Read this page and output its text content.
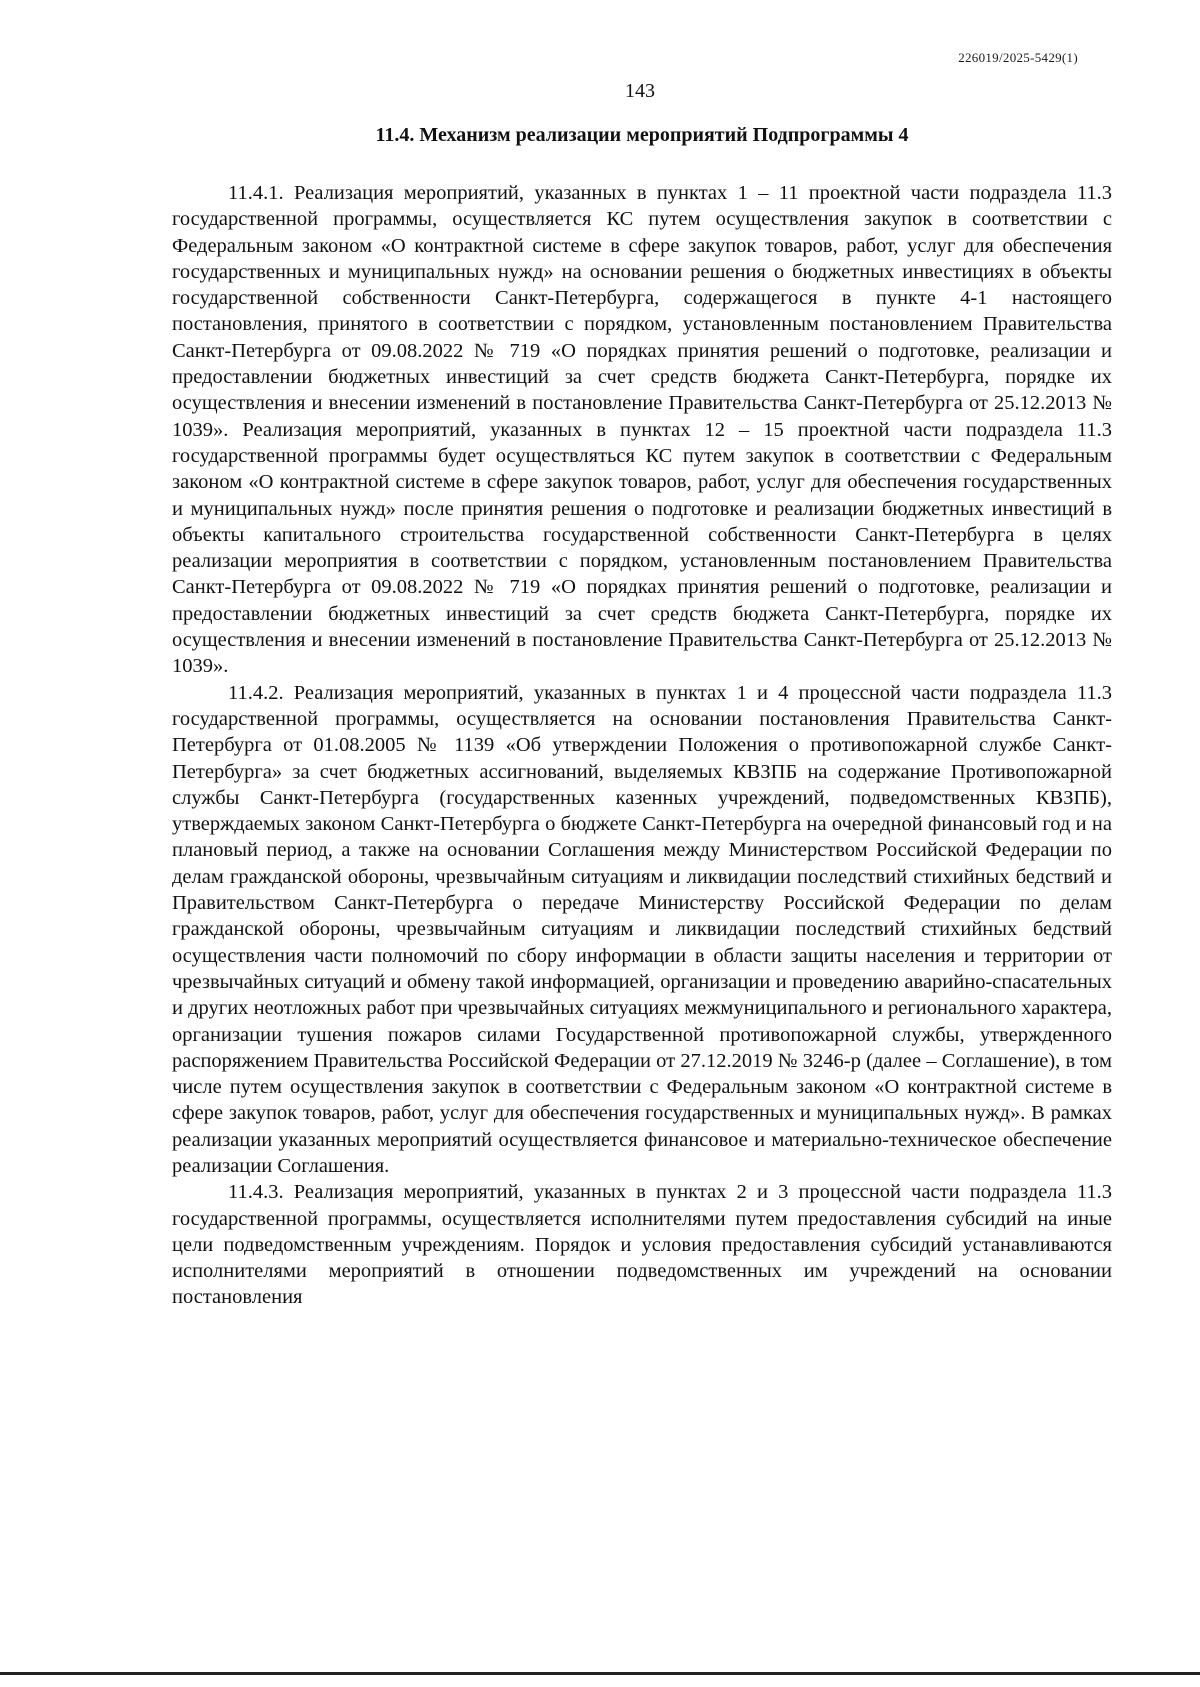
226019/2025-5429(1)
143
11.4. Механизм реализации мероприятий Подпрограммы 4

11.4.1. Реализация мероприятий, указанных в пунктах 1 – 11 проектной части подраздела 11.3 государственной программы, осуществляется КС путем осуществления закупок в соответствии с Федеральным законом «О контрактной системе в сфере закупок товаров, работ, услуг для обеспечения государственных и муниципальных нужд» на основании решения о бюджетных инвестициях в объекты государственной собственности Санкт-Петербурга, содержащегося в пункте 4-1 настоящего постановления, принятого в соответствии с порядком, установленным постановлением Правительства Санкт-Петербурга от 09.08.2022 № 719 «О порядках принятия решений о подготовке, реализации и предоставлении бюджетных инвестиций за счет средств бюджета Санкт-Петербурга, порядке их осуществления и внесении изменений в постановление Правительства Санкт-Петербурга от 25.12.2013 № 1039». Реализация мероприятий, указанных в пунктах 12 – 15 проектной части подраздела 11.3 государственной программы будет осуществляться КС путем закупок в соответствии с Федеральным законом «О контрактной системе в сфере закупок товаров, работ, услуг для обеспечения государственных и муниципальных нужд» после принятия решения о подготовке и реализации бюджетных инвестиций в объекты капитального строительства государственной собственности Санкт-Петербурга в целях реализации мероприятия в соответствии с порядком, установленным постановлением Правительства Санкт-Петербурга от 09.08.2022 № 719 «О порядках принятия решений о подготовке, реализации и предоставлении бюджетных инвестиций за счет средств бюджета Санкт-Петербурга, порядке их осуществления и внесении изменений в постановление Правительства Санкт-Петербурга от 25.12.2013 № 1039».

11.4.2. Реализация мероприятий, указанных в пунктах 1 и 4 процессной части подраздела 11.3 государственной программы, осуществляется на основании постановления Правительства Санкт-Петербурга от 01.08.2005 № 1139 «Об утверждении Положения о противопожарной службе Санкт-Петербурга» за счет бюджетных ассигнований, выделяемых КВЗПБ на содержание Противопожарной службы Санкт-Петербурга (государственных казенных учреждений, подведомственных КВЗПБ), утверждаемых законом Санкт-Петербурга о бюджете Санкт-Петербурга на очередной финансовый год и на плановый период, а также на основании Соглашения между Министерством Российской Федерации по делам гражданской обороны, чрезвычайным ситуациям и ликвидации последствий стихийных бедствий и Правительством Санкт-Петербурга о передаче Министерству Российской Федерации по делам гражданской обороны, чрезвычайным ситуациям и ликвидации последствий стихийных бедствий осуществления части полномочий по сбору информации в области защиты населения и территории от чрезвычайных ситуаций и обмену такой информацией, организации и проведению аварийно-спасательных и других неотложных работ при чрезвычайных ситуациях межмуниципального и регионального характера, организации тушения пожаров силами Государственной противопожарной службы, утвержденного распоряжением Правительства Российской Федерации от 27.12.2019 № 3246-р (далее – Соглашение), в том числе путем осуществления закупок в соответствии с Федеральным законом «О контрактной системе в сфере закупок товаров, работ, услуг для обеспечения государственных и муниципальных нужд». В рамках реализации указанных мероприятий осуществляется финансовое и материально-техническое обеспечение реализации Соглашения.

11.4.3. Реализация мероприятий, указанных в пунктах 2 и 3 процессной части подраздела 11.3 государственной программы, осуществляется исполнителями путем предоставления субсидий на иные цели подведомственным учреждениям. Порядок и условия предоставления субсидий устанавливаются исполнителями мероприятий в отношении подведомственных им учреждений на основании постановления
